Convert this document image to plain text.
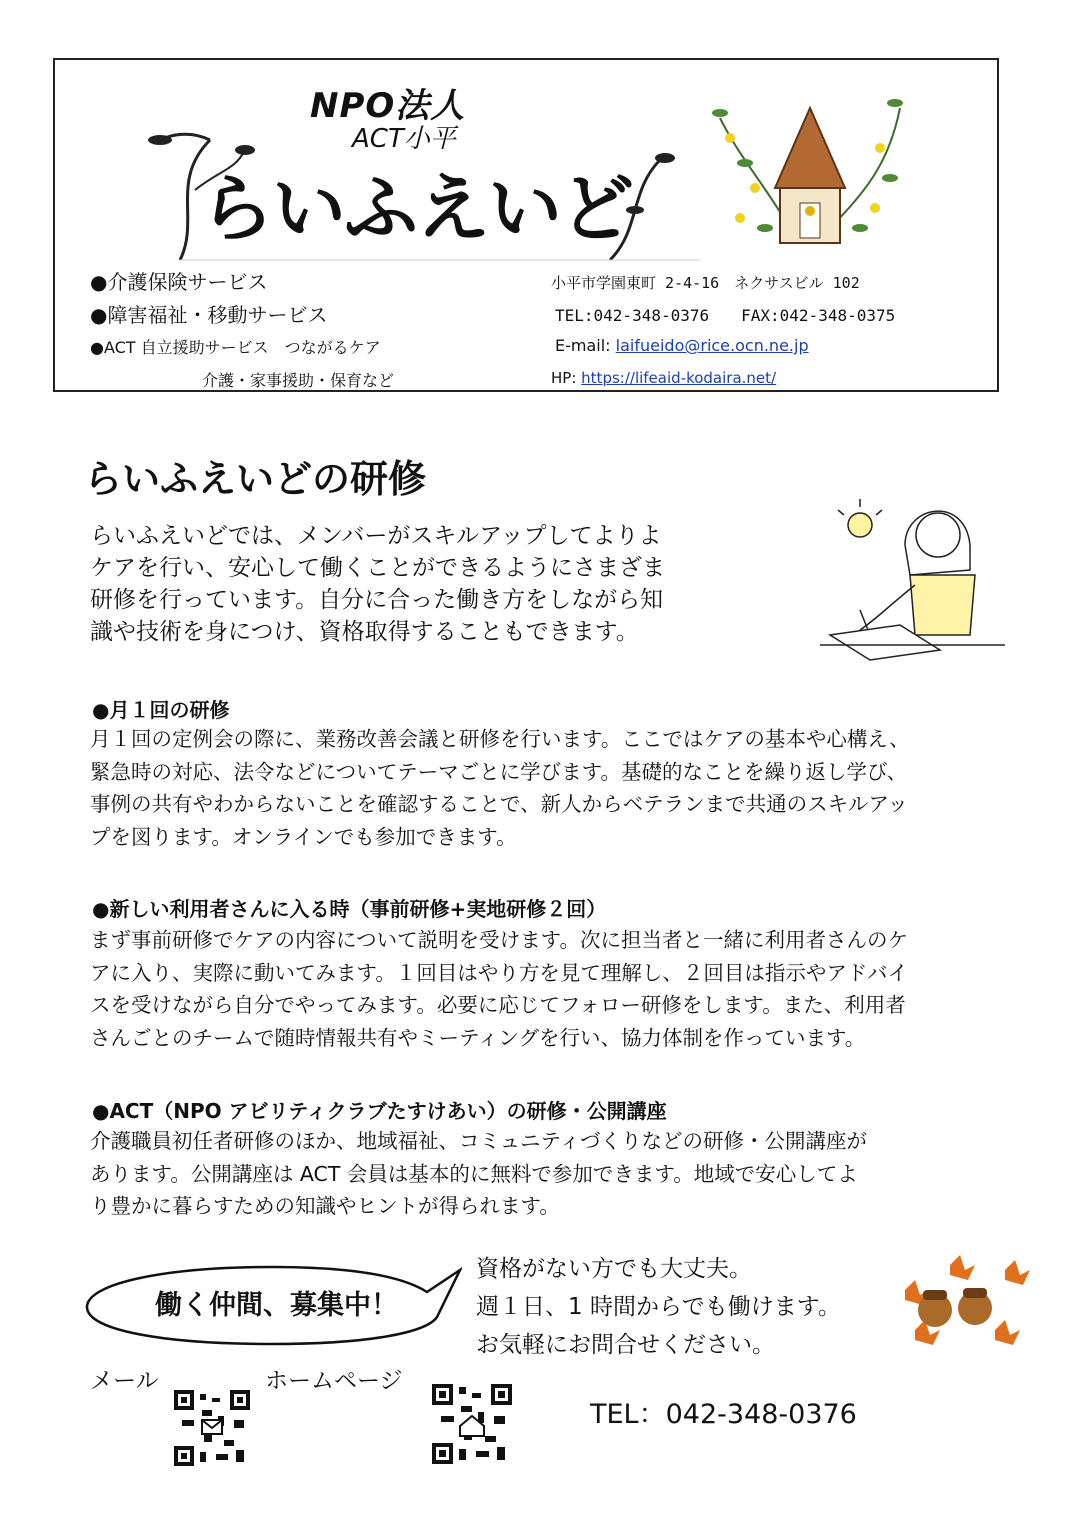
NPO法人
ACT小平
らいふえいど
●介護保険サービス
●障害福祉・移動サービス
●ACT 自立援助サービス　つながるケア
介護・家事援助・保育など
小平市学園東町 2-4-16　ネクサスビル 102
TEL:042-348-0376　　FAX:042-348-0375
E-mail: laifueido@rice.ocn.ne.jp
HP: https://lifeaid-kodaira.net/
らいふえいどの研修
らいふえいどでは、メンバーがスキルアップしてよりよ
ケアを行い、安心して働くことができるようにさまざま
研修を行っています。自分に合った働き方をしながら知
識や技術を身につけ、資格取得することもできます。
●月１回の研修
月１回の定例会の際に、業務改善会議と研修を行います。ここではケアの基本や心構え、
緊急時の対応、法令などについてテーマごとに学びます。基礎的なことを繰り返し学び、
事例の共有やわからないことを確認することで、新人からベテランまで共通のスキルアッ
プを図ります。オンラインでも参加できます。
●新しい利用者さんに入る時（事前研修+実地研修２回）
まず事前研修でケアの内容について説明を受けます。次に担当者と一緒に利用者さんのケ
アに入り、実際に動いてみます。１回目はやり方を見て理解し、２回目は指示やアドバイ
スを受けながら自分でやってみます。必要に応じてフォロー研修をします。また、利用者
さんごとのチームで随時情報共有やミーティングを行い、協力体制を作っています。
●ACT（NPO アビリティクラブたすけあい）の研修・公開講座
介護職員初任者研修のほか、地域福祉、コミュニティづくりなどの研修・公開講座が
あります。公開講座は ACT 会員は基本的に無料で参加できます。地域で安心してよ
り豊かに暮らすための知識やヒントが得られます。
働く仲間、募集中！
資格がない方でも大丈夫。
週１日、1 時間からでも働けます。
お気軽にお問合せください。
メール	ホームページ
TEL：042-348-0376
